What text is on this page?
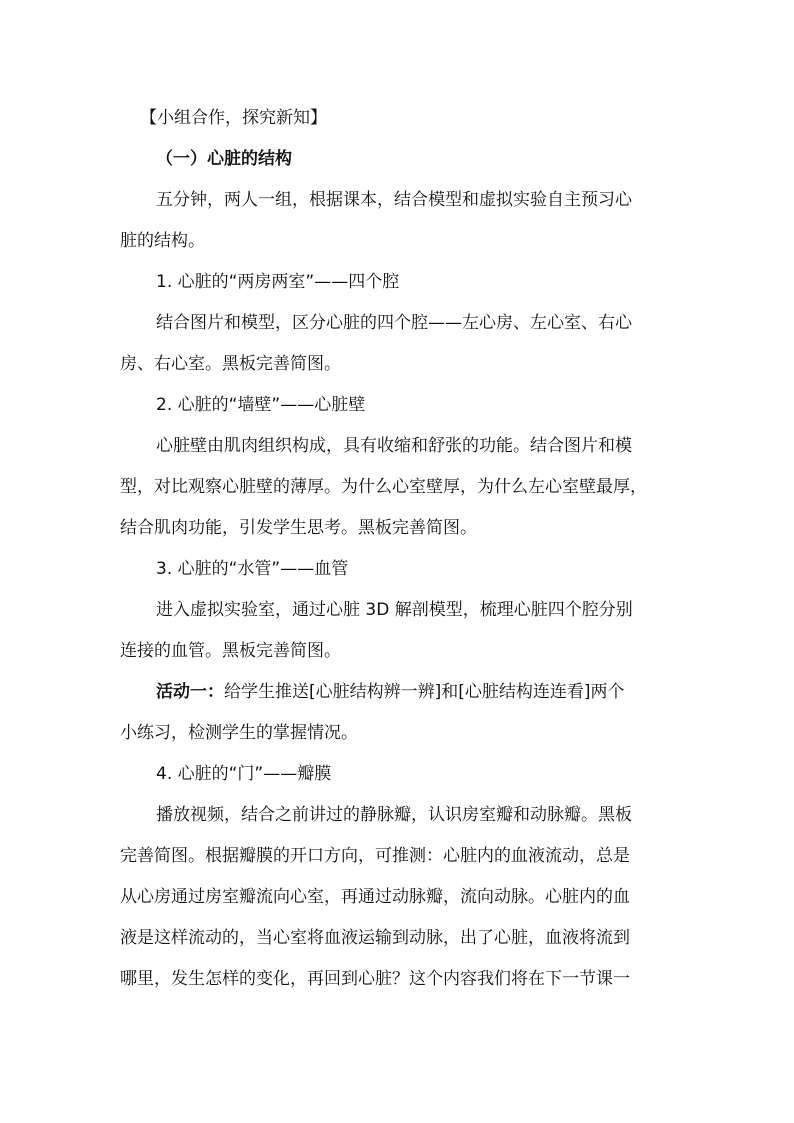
【小组合作，探究新知】

（一）心脏的结构

五分钟，两人一组，根据课本，结合模型和虚拟实验自主预习心

脏的结构。

1. 心脏的“两房两室”——四个腔

结合图片和模型，区分心脏的四个腔——左心房、左心室、右心

房、右心室。黑板完善简图。

2. 心脏的“墙壁”——心脏壁

心脏壁由肌肉组织构成，具有收缩和舒张的功能。结合图片和模

型，对比观察心脏壁的薄厚。为什么心室壁厚，为什么左心室壁最厚，

结合肌肉功能，引发学生思考。黑板完善简图。

3. 心脏的“水管”——血管

进入虚拟实验室，通过心脏 3D 解剖模型，梳理心脏四个腔分别

连接的血管。黑板完善简图。

活动一：给学生推送[心脏结构辨一辨]和[心脏结构连连看]两个

小练习，检测学生的掌握情况。

4. 心脏的“门”——瓣膜

播放视频，结合之前讲过的静脉瓣，认识房室瓣和动脉瓣。黑板

完善简图。根据瓣膜的开口方向，可推测：心脏内的血液流动，总是

从心房通过房室瓣流向心室，再通过动脉瓣，流向动脉。心脏内的血

液是这样流动的，当心室将血液运输到动脉，出了心脏，血液将流到

哪里，发生怎样的变化，再回到心脏？这个内容我们将在下一节课一
